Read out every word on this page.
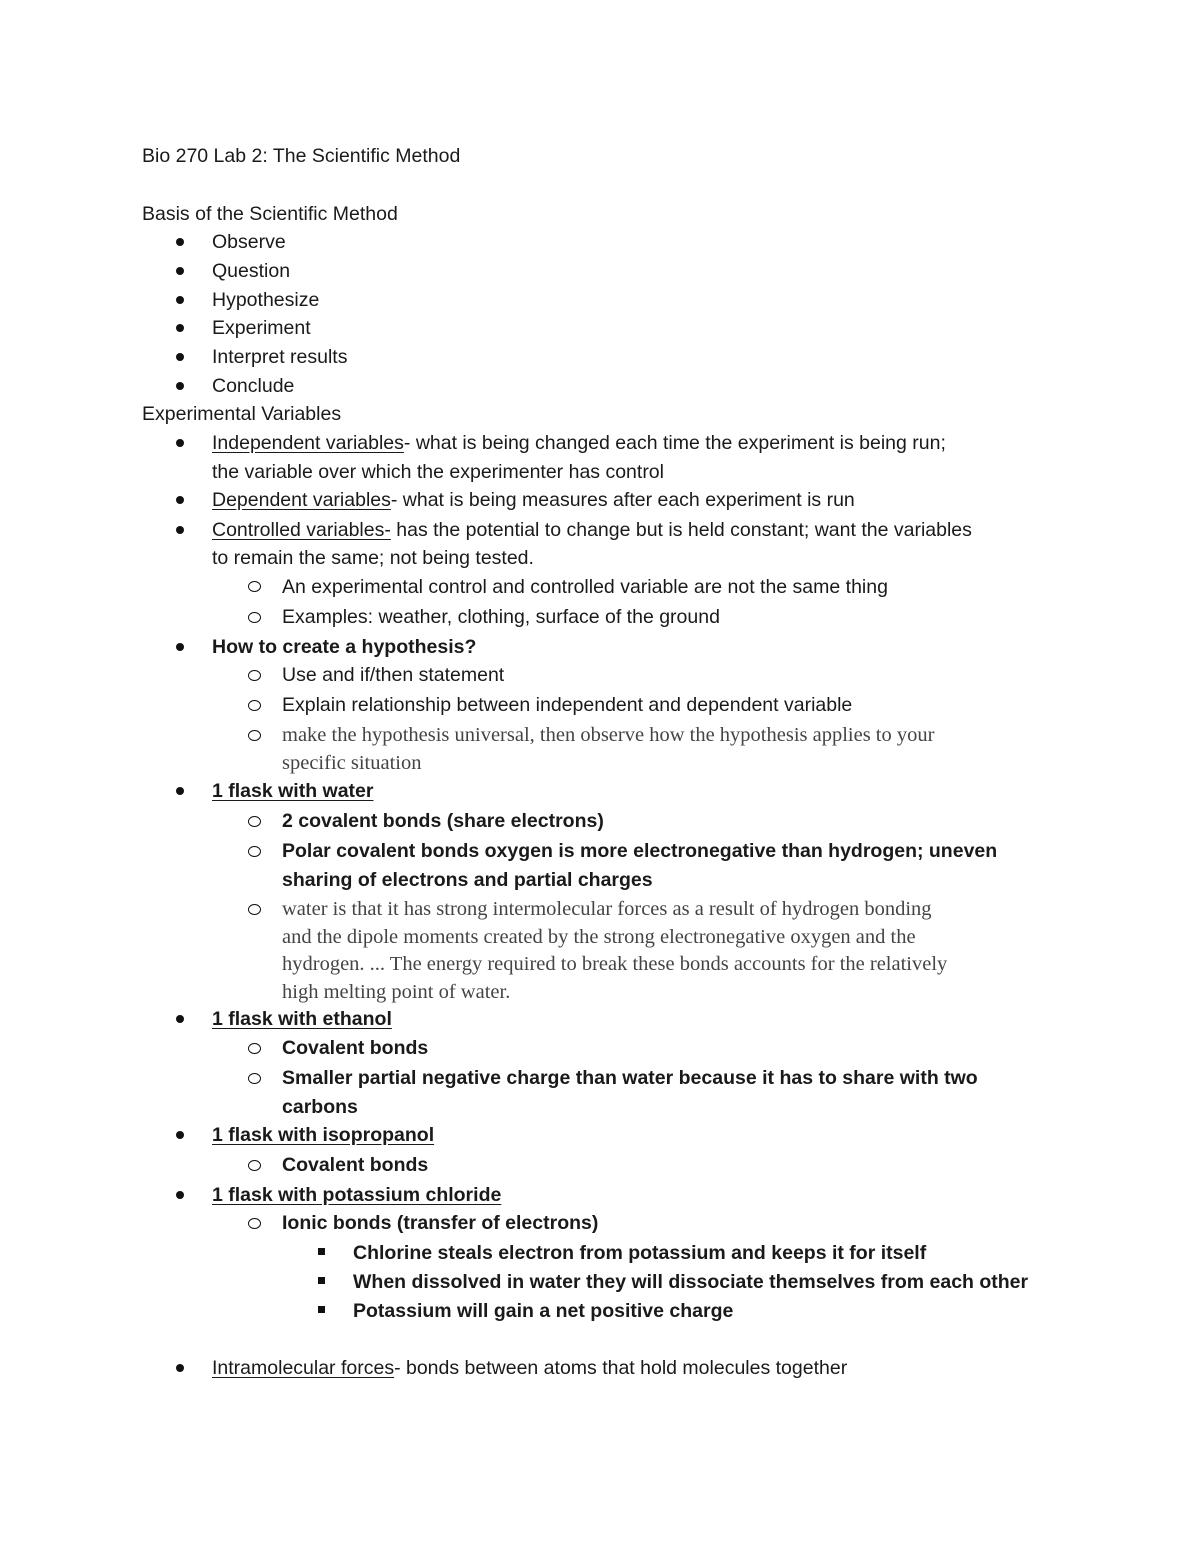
Bio 270 Lab 2: The Scientific Method
Basis of the Scientific Method
Observe
Question
Hypothesize
Experiment
Interpret results
Conclude
Experimental Variables
Independent variables- what is being changed each time the experiment is being run;
the variable over which the experimenter has control
Dependent variables- what is being measures after each experiment is run
Controlled variables- has the potential to change but is held constant; want the variables
to remain the same; not being tested.
An experimental control and controlled variable are not the same thing
Examples: weather, clothing, surface of the ground
How to create a hypothesis?
Use and if/then statement
Explain relationship between independent and dependent variable
make the hypothesis universal, then observe how the hypothesis applies to your
specific situation
1 flask with water
2 covalent bonds (share electrons)
Polar covalent bonds oxygen is more electronegative than hydrogen; uneven
sharing of electrons and partial charges
water is that it has strong intermolecular forces as a result of hydrogen bonding
and the dipole moments created by the strong electronegative oxygen and the
hydrogen. ... The energy required to break these bonds accounts for the relatively
high melting point of water.
1 flask with ethanol
Covalent bonds
Smaller partial negative charge than water because it has to share with two
carbons
1 flask with isopropanol
Covalent bonds
1 flask with potassium chloride
Ionic bonds (transfer of electrons)
Chlorine steals electron from potassium and keeps it for itself
When dissolved in water they will dissociate themselves from each other
Potassium will gain a net positive charge
Intramolecular forces- bonds between atoms that hold molecules together
